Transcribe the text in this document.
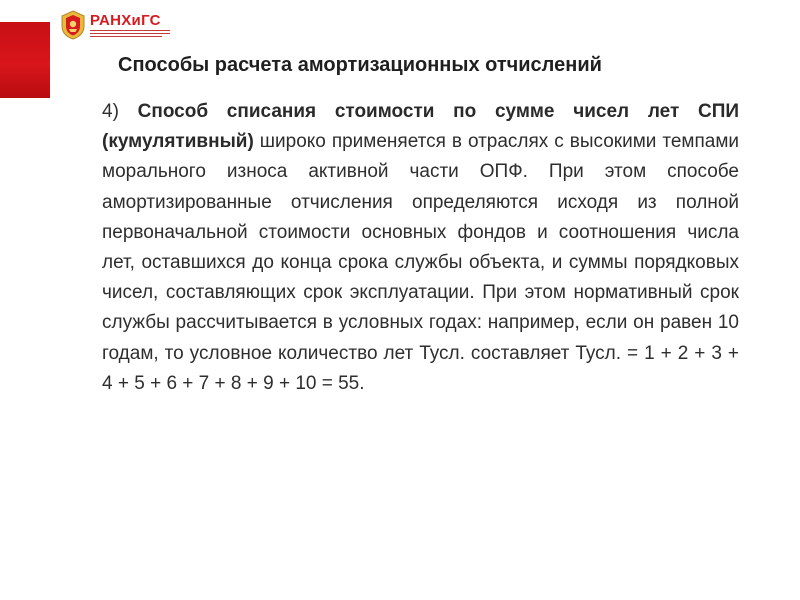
РАНХиГС
Способы расчета амортизационных отчислений
4) Способ списания стоимости по сумме чисел лет СПИ (кумулятивный) широко применяется в отраслях с высокими темпами морального износа активной части ОПФ. При этом способе амортизированные отчисления определяются исходя из полной первоначальной стоимости основных фондов и соотношения числа лет, оставшихся до конца срока службы объекта, и суммы порядковых чисел, составляющих срок эксплуатации. При этом нормативный срок службы рассчитывается в условных годах: например, если он равен 10 годам, то условное количество лет Тусл. составляет Тусл. = 1 + 2 + 3 + 4 + 5 + 6 + 7 + 8 + 9 + 10 = 55.
